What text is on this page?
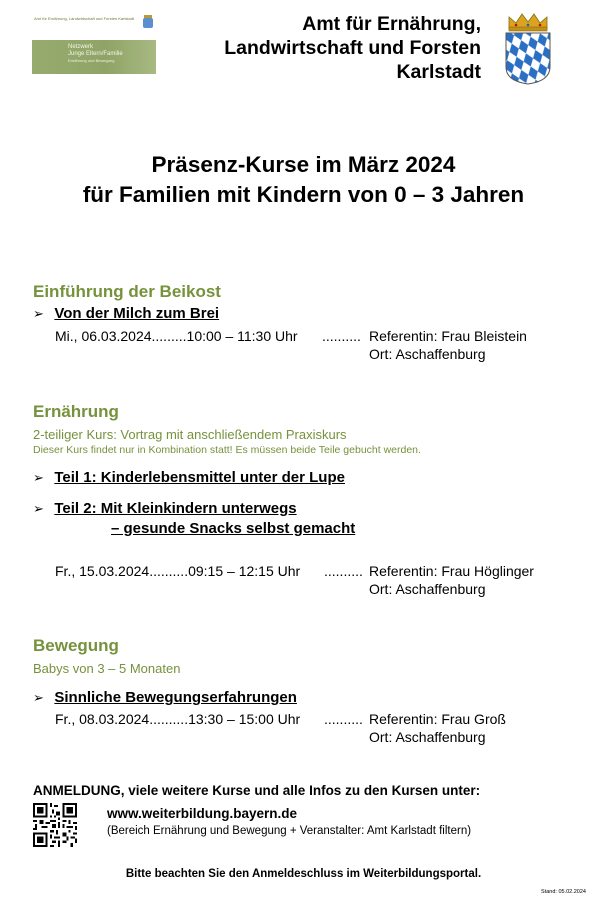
Amt für Ernährung, Landwirtschaft und Forsten Karlstadt
Netzwerk
Junge Eltern/Familie
Ernährung und Bewegung
Amt für Ernährung,
Landwirtschaft und Forsten
Karlstadt
Präsenz-Kurse im März 2024
für Familien mit Kindern von 0 – 3 Jahren
Einführung der Beikost
➢ Von der Milch zum Brei
Mi., 06.03.2024.........10:00 – 11:30 Uhr .......... Referentin: Frau Bleistein
Ort: Aschaffenburg
Ernährung
2-teiliger Kurs: Vortrag mit anschließendem Praxiskurs
Dieser Kurs findet nur in Kombination statt! Es müssen beide Teile gebucht werden.
➢ Teil 1: Kinderlebensmittel unter der Lupe
➢ Teil 2: Mit Kleinkindern unterwegs
– gesunde Snacks selbst gemacht
Fr., 15.03.2024..........09:15 – 12:15 Uhr .......... Referentin: Frau Höglinger
Ort: Aschaffenburg
Bewegung
Babys von 3 – 5 Monaten
➢ Sinnliche Bewegungserfahrungen
Fr., 08.03.2024..........13:30 – 15:00 Uhr .......... Referentin: Frau Groß
Ort: Aschaffenburg
ANMELDUNG, viele weitere Kurse und alle Infos zu den Kursen unter:
www.weiterbildung.bayern.de
(Bereich Ernährung und Bewegung + Veranstalter: Amt Karlstadt filtern)
Bitte beachten Sie den Anmeldeschluss im Weiterbildungsportal.
Stand: 05.02.2024
